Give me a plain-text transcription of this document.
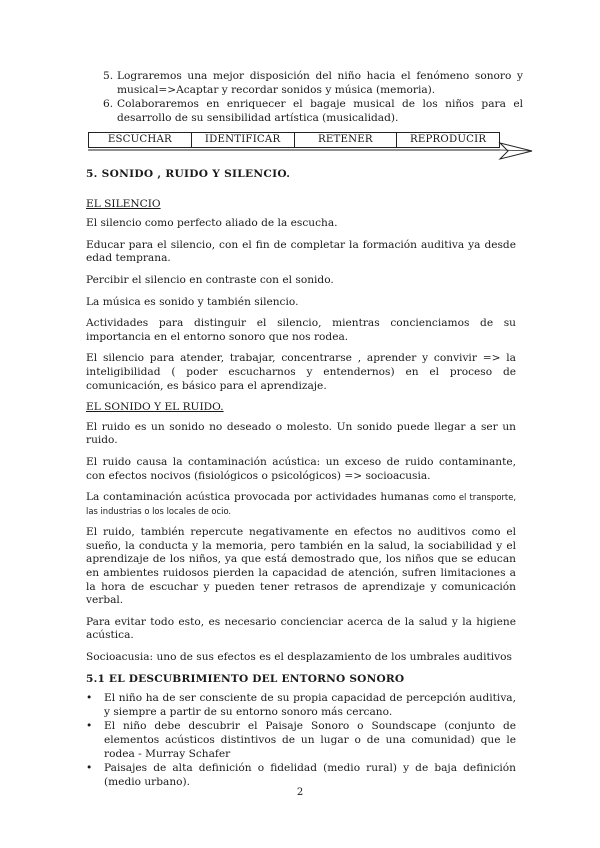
5. Lograremos una mejor disposición del niño hacia el fenómeno sonoro y musical=>Acaptar y recordar sonidos y música (memoria).
6. Colaboraremos en enriquecer el bagaje musical de los niños para el desarrollo de su sensibilidad artística (musicalidad).
ESCUCHAR	IDENTIFICAR	RETENER	REPRODUCIR
5. SONIDO , RUIDO Y SILENCIO.
EL SILENCIO

El silencio como perfecto aliado de la escucha.

Educar para el silencio, con el fin de completar la formación auditiva ya desde edad temprana.

Percibir el silencio en contraste con el sonido.

La música es sonido y también silencio.

Actividades para distinguir el silencio, mientras concienciamos de su importancia en el entorno sonoro que nos rodea.

El silencio para atender, trabajar, concentrarse , aprender y convivir => la inteligibilidad ( poder escucharnos y entendernos) en el proceso de comunicación, es básico para el aprendizaje.

EL SONIDO Y EL RUIDO.

El ruido es un sonido no deseado o molesto. Un sonido puede llegar a ser un ruido.

El ruido causa la contaminación acústica: un exceso de ruido contaminante, con efectos nocivos (fisiológicos o psicológicos) => socioacusia.

La contaminación acústica provocada por actividades humanas como el transporte, las industrias o los locales de ocio.

El ruido, también repercute negativamente en efectos no auditivos como el sueño, la conducta y la memoria, pero también en la salud, la sociabilidad y el aprendizaje de los niños, ya que está demostrado que, los niños que se educan en ambientes ruidosos pierden la capacidad de atención, sufren limitaciones a la hora de escuchar y pueden tener retrasos de aprendizaje y comunicación verbal.

Para evitar todo esto, es necesario concienciar acerca de la salud y la higiene acústica.

Socioacusia: uno de sus efectos es el desplazamiento de los umbrales auditivos

5.1 EL DESCUBRIMIENTO DEL ENTORNO SONORO
•	El niño ha de ser consciente de su propia capacidad de percepción auditiva, y siempre a partir de su entorno sonoro más cercano.
•	El niño debe descubrir el Paisaje Sonoro o Soundscape (conjunto de elementos acústicos distintivos de un lugar o de una comunidad) que le rodea - Murray Schafer
•	Paisajes de alta definición o fidelidad (medio rural) y de baja definición (medio urbano).
2
